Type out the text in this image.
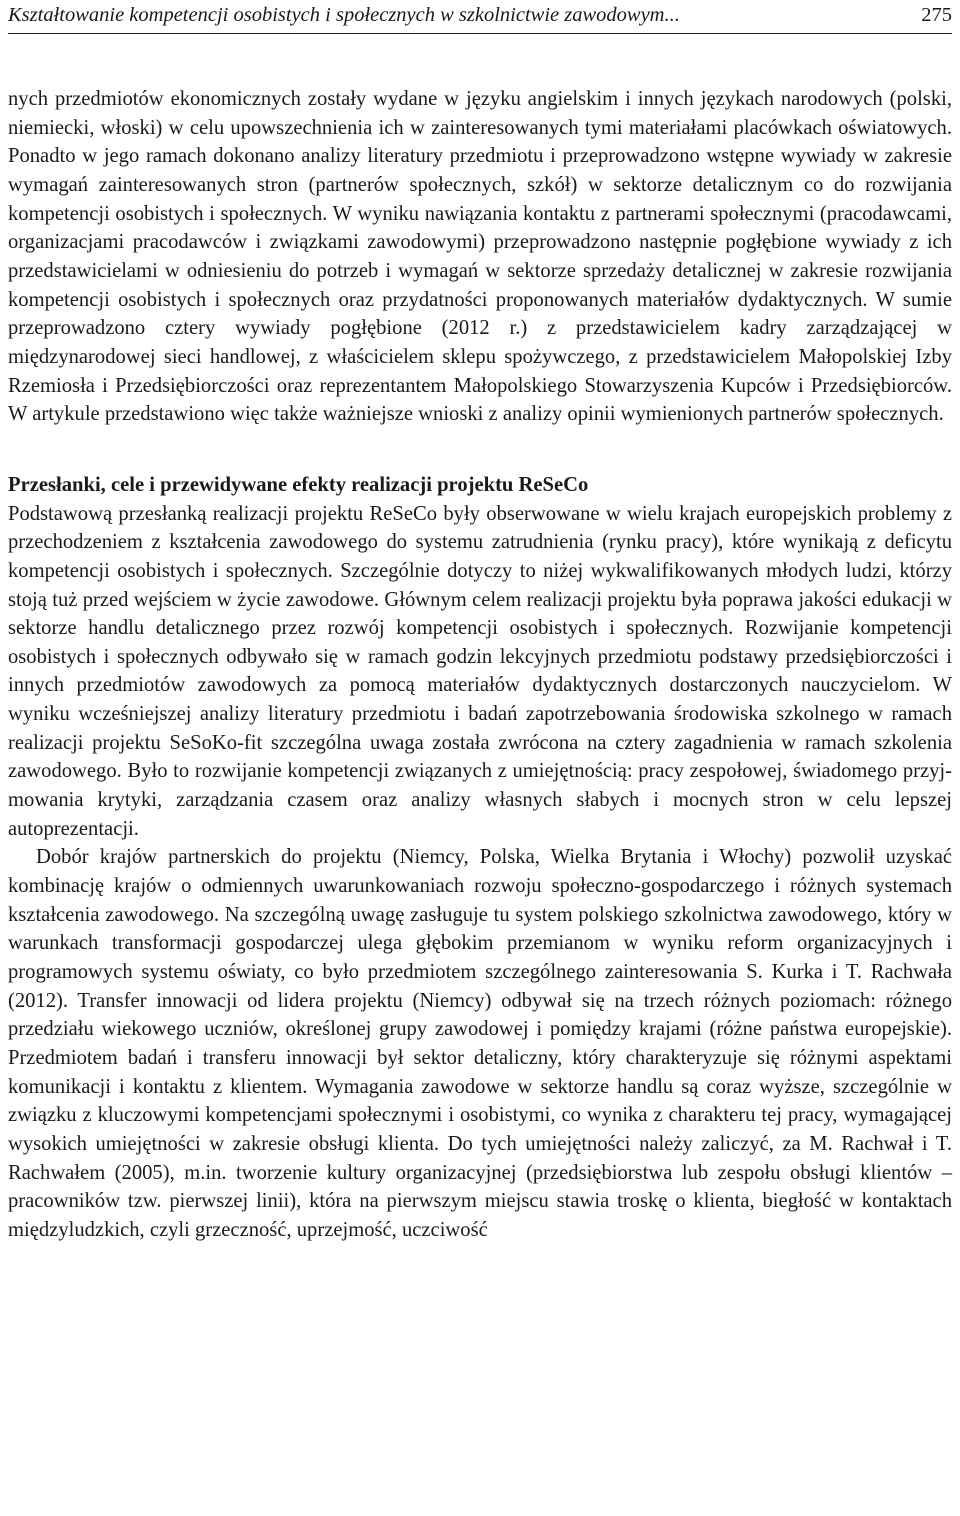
Kształtowanie kompetencji osobistych i społecznych w szkolnictwie zawodowym...	275

nych przedmiotów ekonomicznych zostały wydane w języku angielskim i innych językach narodowych (polski, niemiecki, włoski) w celu upowszechnienia ich w zainteresowanych tymi materiałami placówkach oświatowych. Ponadto w jego ramach dokonano analizy literatury przedmiotu i przeprowadzono wstępne wywiady w zakresie wymagań zainteresowanych stron (partnerów społecznych, szkół) w sektorze detalicznym co do rozwijania kompetencji osobistych i społecznych. W wyniku nawiązania kontaktu z partnerami społecznymi (pracodawcami, organizacjami pracodawców i związkami zawodowymi) przeprowadzono następnie pogłębione wywiady z ich przedstawicielami w odniesieniu do potrzeb i wymagań w sektorze sprzedaży detalicznej w zakresie rozwijania kompetencji osobistych i społecznych oraz przydatności proponowanych materiałów dydaktycznych. W sumie przeprowadzono cztery wywiady pogłębione (2012 r.) z przedstawicielem kadry zarządzającej w międzynarodowej sieci handlowej, z właścicielem sklepu spożywczego, z przedstawicielem Małopolskiej Izby Rzemiosła i Przedsiębiorczości oraz reprezentantem Małopolskiego Stowarzyszenia Kupców i Przedsiębiorców. W artykule przedstawiono więc także ważniejsze wnioski z analizy opinii wymienionych partnerów społecznych.

Przesłanki, cele i przewidywane efekty realizacji projektu ReSeCo

Podstawową przesłanką realizacji projektu ReSeCo były obserwowane w wielu krajach europejskich problemy z przechodzeniem z kształcenia zawodowego do systemu zatrudnienia (rynku pracy), które wynikają z deficytu kompetencji osobistych i społecznych. Szczególnie dotyczy to niżej wykwalifikowanych młodych ludzi, którzy stoją tuż przed wejściem w życie zawodowe. Głównym celem realizacji projektu była poprawa jakości edukacji w sektorze handlu detalicznego przez rozwój kompetencji osobistych i społecznych. Rozwijanie kompetencji osobistych i społecznych odbywało się w ramach godzin lekcyjnych przedmiotu podstawy przedsiębiorczości i innych przedmiotów zawodowych za pomocą materiałów dydaktycznych dostarczonych nauczycielom. W wyniku wcześniejszej analizy literatury przedmiotu i badań zapotrzebowania środowiska szkolnego w ramach realizacji projektu SeSoKo-fit szczególna uwaga została zwrócona na cztery zagadnienia w ramach szkolenia zawodowego. Było to rozwijanie kompetencji związanych z umiejętnością: pracy zespołowej, świadomego przyjmowania krytyki, zarządzania czasem oraz analizy własnych słabych i mocnych stron w celu lepszej autoprezentacji.

Dobór krajów partnerskich do projektu (Niemcy, Polska, Wielka Brytania i Włochy) pozwolił uzyskać kombinację krajów o odmiennych uwarunkowaniach rozwoju społeczno-gospodarczego i różnych systemach kształcenia zawodowego. Na szczególną uwagę zasługuje tu system polskiego szkolnictwa zawodowego, który w warunkach transformacji gospodarczej ulega głębokim przemianom w wyniku reform organizacyjnych i programowych systemu oświaty, co było przedmiotem szczególnego zainteresowania S. Kurka i T. Rachwała (2012). Transfer innowacji od lidera projektu (Niemcy) odbywał się na trzech różnych poziomach: różnego przedziału wiekowego uczniów, określonej grupy zawodowej i pomiędzy krajami (różne państwa europejskie). Przedmiotem badań i transferu innowacji był sektor detaliczny, który charakteryzuje się różnymi aspektami komunikacji i kontaktu z klientem. Wymagania zawodowe w sektorze handlu są coraz wyższe, szczególnie w związku z kluczowymi kompetencjami społecznymi i osobistymi, co wynika z charakteru tej pracy, wymagającej wysokich umiejętności w zakresie obsługi klienta. Do tych umiejętności należy zaliczyć, za M. Rachwał i T. Rachwałem (2005), m.in. tworzenie kultury organizacyjnej (przedsiębiorstwa lub zespołu obsługi klientów – pracowników tzw. pierwszej linii), która na pierwszym miejscu stawia troskę o klienta, biegłość w kontaktach międzyludzkich, czyli grzeczność, uprzejmość, uczciwość
